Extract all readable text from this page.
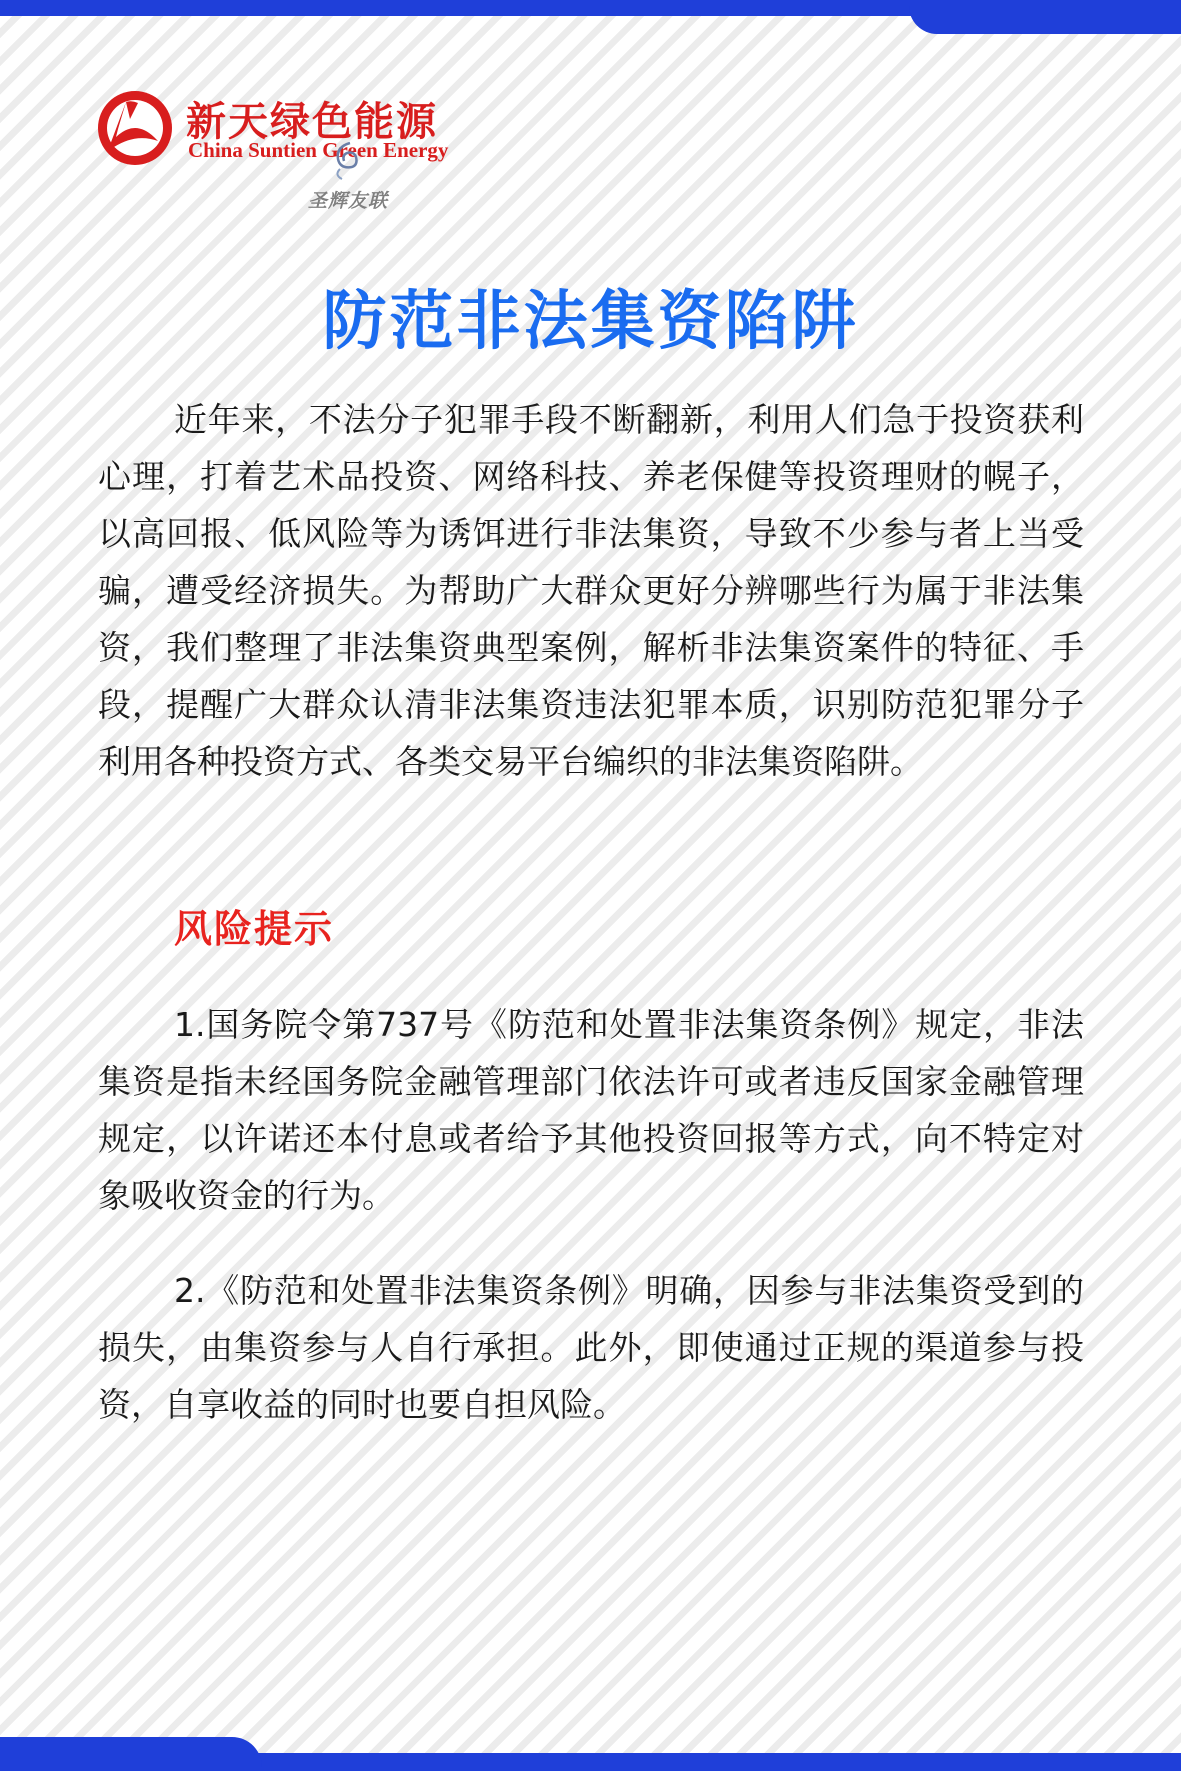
新天绿色能源
China Suntien Green Energy
圣辉友联
防范非法集资陷阱

近年来，不法分子犯罪手段不断翻新，利用人们急于投资获利心理，打着艺术品投资、网络科技、养老保健等投资理财的幌子，以高回报、低风险等为诱饵进行非法集资，导致不少参与者上当受骗，遭受经济损失。为帮助广大群众更好分辨哪些行为属于非法集资，我们整理了非法集资典型案例，解析非法集资案件的特征、手段，提醒广大群众认清非法集资违法犯罪本质，识别防范犯罪分子利用各种投资方式、各类交易平台编织的非法集资陷阱。

风险提示

1.国务院令第737号《防范和处置非法集资条例》规定，非法集资是指未经国务院金融管理部门依法许可或者违反国家金融管理规定，以许诺还本付息或者给予其他投资回报等方式，向不特定对象吸收资金的行为。

2.《防范和处置非法集资条例》明确，因参与非法集资受到的损失，由集资参与人自行承担。此外，即使通过正规的渠道参与投资，自享收益的同时也要自担风险。
